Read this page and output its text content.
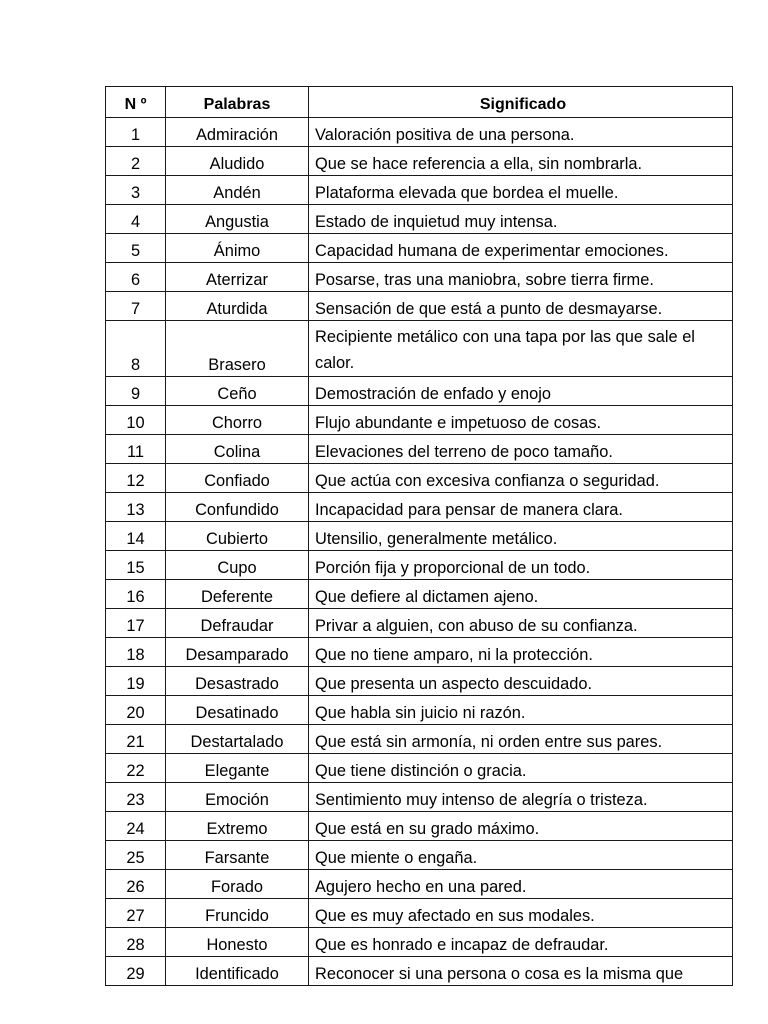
N º	Palabras	Significado
1	Admiración	Valoración positiva de una persona.
2	Aludido	Que se hace referencia a ella, sin nombrarla.
3	Andén	Plataforma elevada que bordea el muelle.
4	Angustia	Estado de inquietud muy intensa.
5	Ánimo	Capacidad humana de experimentar emociones.
6	Aterrizar	Posarse, tras una maniobra, sobre tierra firme.
7	Aturdida	Sensación de que está a punto de desmayarse.
8	Brasero	Recipiente metálico con una tapa por las que sale el calor.
9	Ceño	Demostración de enfado y enojo
10	Chorro	Flujo abundante e impetuoso de cosas.
11	Colina	Elevaciones del terreno de poco tamaño.
12	Confiado	Que actúa con excesiva confianza o seguridad.
13	Confundido	Incapacidad para pensar de manera clara.
14	Cubierto	Utensilio, generalmente metálico.
15	Cupo	Porción fija y proporcional de un todo.
16	Deferente	Que defiere al dictamen ajeno.
17	Defraudar	Privar a alguien, con abuso de su confianza.
18	Desamparado	Que no tiene amparo, ni la protección.
19	Desastrado	Que presenta un aspecto descuidado.
20	Desatinado	Que habla sin juicio ni razón.
21	Destartalado	Que está sin armonía, ni orden entre sus pares.
22	Elegante	Que tiene distinción o gracia.
23	Emoción	Sentimiento muy intenso de alegría o tristeza.
24	Extremo	Que está en su grado máximo.
25	Farsante	Que miente o engaña.
26	Forado	Agujero hecho en una pared.
27	Fruncido	Que es muy afectado en sus modales.
28	Honesto	Que es honrado e incapaz de defraudar.
29	Identificado	Reconocer si una persona o cosa es la misma que
